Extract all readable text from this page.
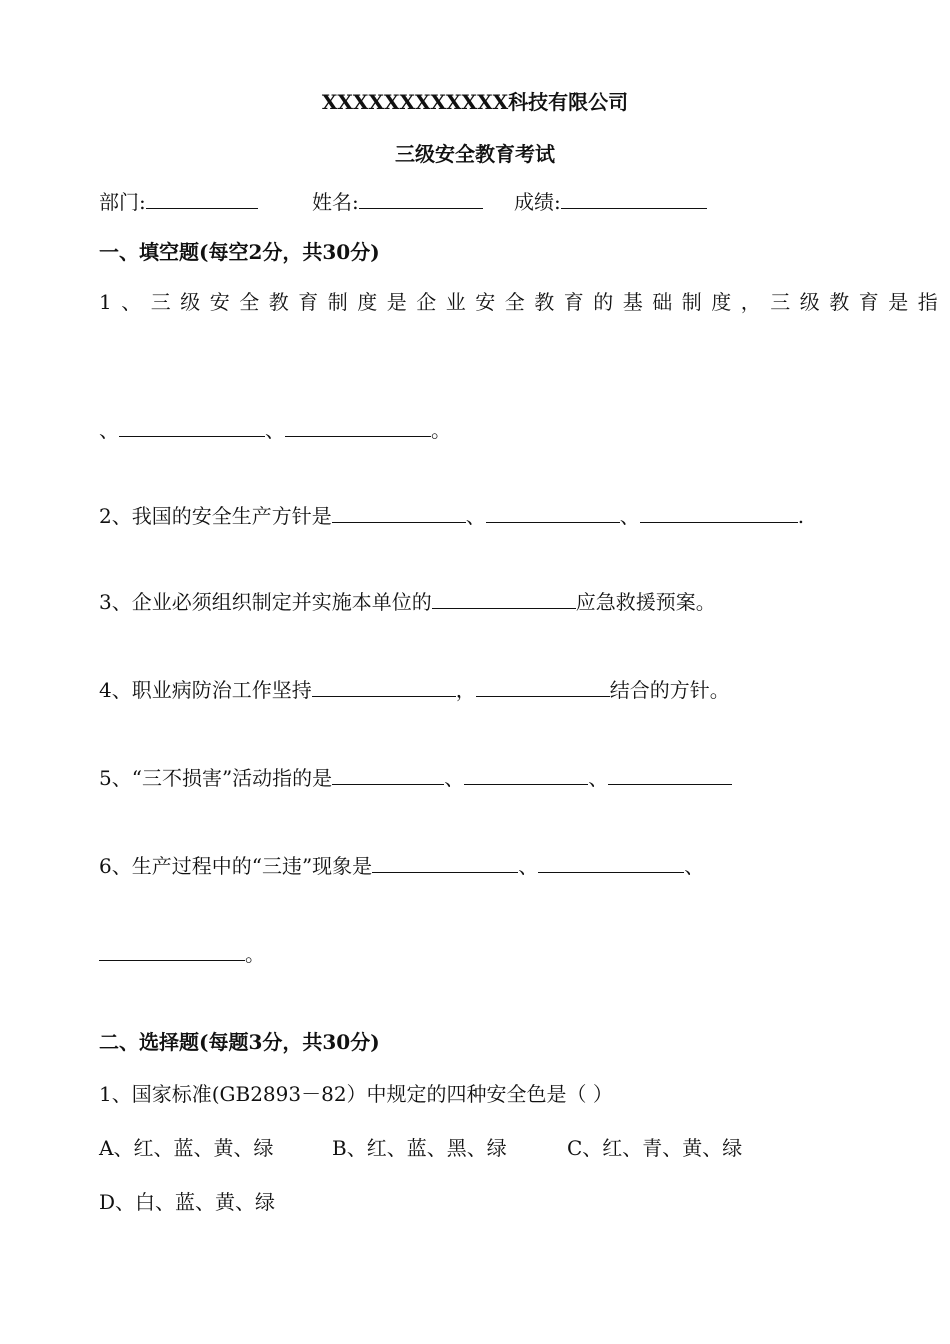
XXXXXXXXXXXX科技有限公司
三级安全教育考试
部门:	姓名:	成绩:
一、填空题(每空2分，共30分)
1、三级安全教育制度是企业安全教育的基础制度，三级教育是指
、	、	。
2、我国的安全生产方针是	、	、	.
3、企业必须组织制定并实施本单位的	应急救援预案。
4、职业病防治工作坚持	，	结合的方针。
5、“三不损害”活动指的是	、	、
6、生产过程中的“三违”现象是	、	、
。
二、选择题(每题3分，共30分)
1、国家标准(GB2893－82）中规定的四种安全色是（ ）
A、红、蓝、黄、绿	B、红、蓝、黑、绿	C、红、青、黄、绿
D、白、蓝、黄、绿
